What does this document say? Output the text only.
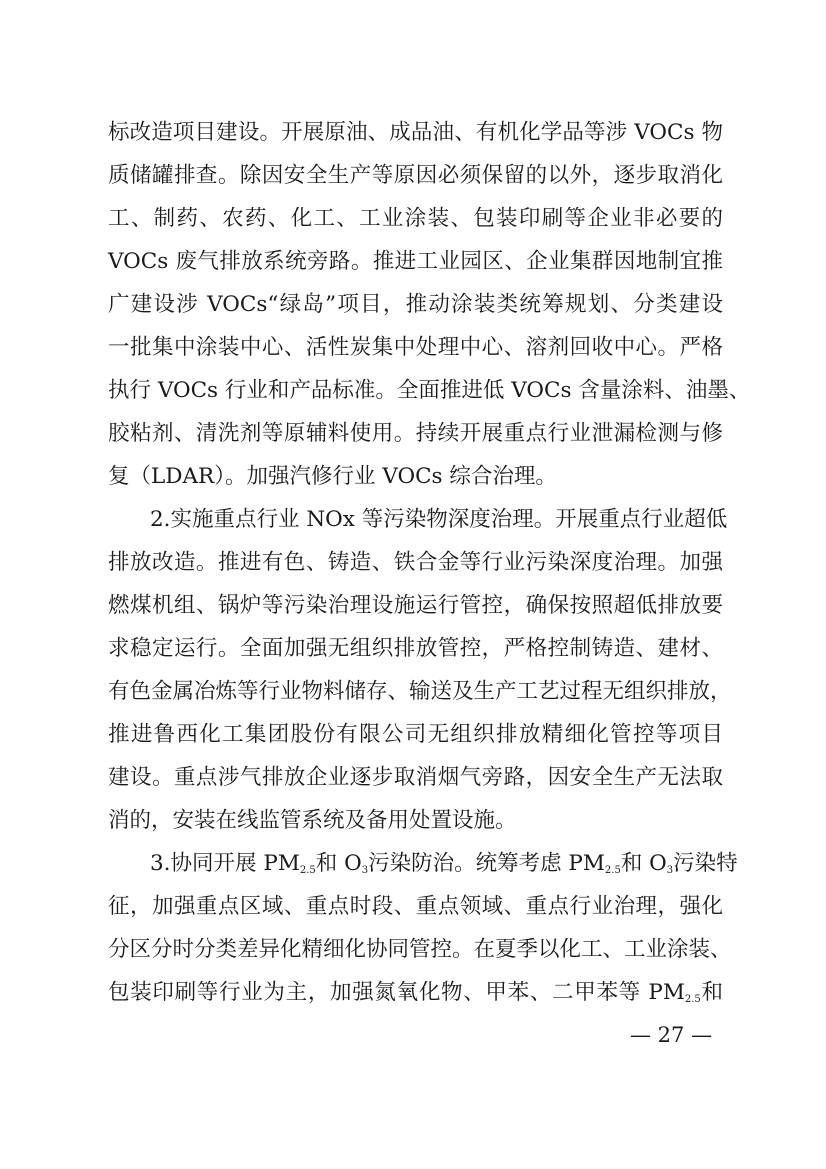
标改造项目建设。开展原油、成品油、有机化学品等涉 VOCs 物
质储罐排查。除因安全生产等原因必须保留的以外，逐步取消化
工、制药、农药、化工、工业涂装、包装印刷等企业非必要的
VOCs 废气排放系统旁路。推进工业园区、企业集群因地制宜推
广建设涉 VOCs“绿岛”项目，推动涂装类统筹规划、分类建设
一批集中涂装中心、活性炭集中处理中心、溶剂回收中心。严格
执行 VOCs 行业和产品标准。全面推进低 VOCs 含量涂料、油墨、
胶粘剂、清洗剂等原辅料使用。持续开展重点行业泄漏检测与修
复（LDAR）。加强汽修行业 VOCs 综合治理。
2.实施重点行业 NOx 等污染物深度治理。开展重点行业超低
排放改造。推进有色、铸造、铁合金等行业污染深度治理。加强
燃煤机组、锅炉等污染治理设施运行管控，确保按照超低排放要
求稳定运行。全面加强无组织排放管控，严格控制铸造、建材、
有色金属冶炼等行业物料储存、输送及生产工艺过程无组织排放，
推进鲁西化工集团股份有限公司无组织排放精细化管控等项目
建设。重点涉气排放企业逐步取消烟气旁路，因安全生产无法取
消的，安装在线监管系统及备用处置设施。
3.协同开展 $PM_{2.5}$和 $O_3$污染防治。统筹考虑 $PM_{2.5}$和 $O_3$污染特
征，加强重点区域、重点时段、重点领域、重点行业治理，强化
分区分时分类差异化精细化协同管控。在夏季以化工、工业涂装、
包装印刷等行业为主，加强氮氧化物、甲苯、二甲苯等 $PM_{2.5}$和
— 27 —
